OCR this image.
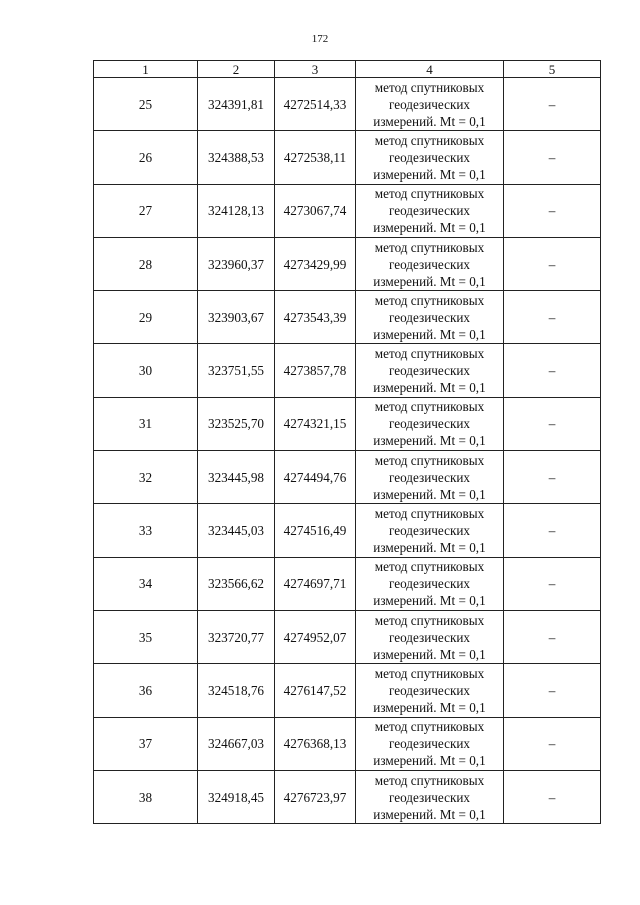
172
1	2	3	4	5
25	324391,81	4272514,33	метод спутниковых
геодезических
измерений. Mt = 0,1	–
26	324388,53	4272538,11	метод спутниковых
геодезических
измерений. Mt = 0,1	–
27	324128,13	4273067,74	метод спутниковых
геодезических
измерений. Mt = 0,1	–
28	323960,37	4273429,99	метод спутниковых
геодезических
измерений. Mt = 0,1	–
29	323903,67	4273543,39	метод спутниковых
геодезических
измерений. Mt = 0,1	–
30	323751,55	4273857,78	метод спутниковых
геодезических
измерений. Mt = 0,1	–
31	323525,70	4274321,15	метод спутниковых
геодезических
измерений. Mt = 0,1	–
32	323445,98	4274494,76	метод спутниковых
геодезических
измерений. Mt = 0,1	–
33	323445,03	4274516,49	метод спутниковых
геодезических
измерений. Mt = 0,1	–
34	323566,62	4274697,71	метод спутниковых
геодезических
измерений. Mt = 0,1	–
35	323720,77	4274952,07	метод спутниковых
геодезических
измерений. Mt = 0,1	–
36	324518,76	4276147,52	метод спутниковых
геодезических
измерений. Mt = 0,1	–
37	324667,03	4276368,13	метод спутниковых
геодезических
измерений. Mt = 0,1	–
38	324918,45	4276723,97	метод спутниковых
геодезических
измерений. Mt = 0,1	–
